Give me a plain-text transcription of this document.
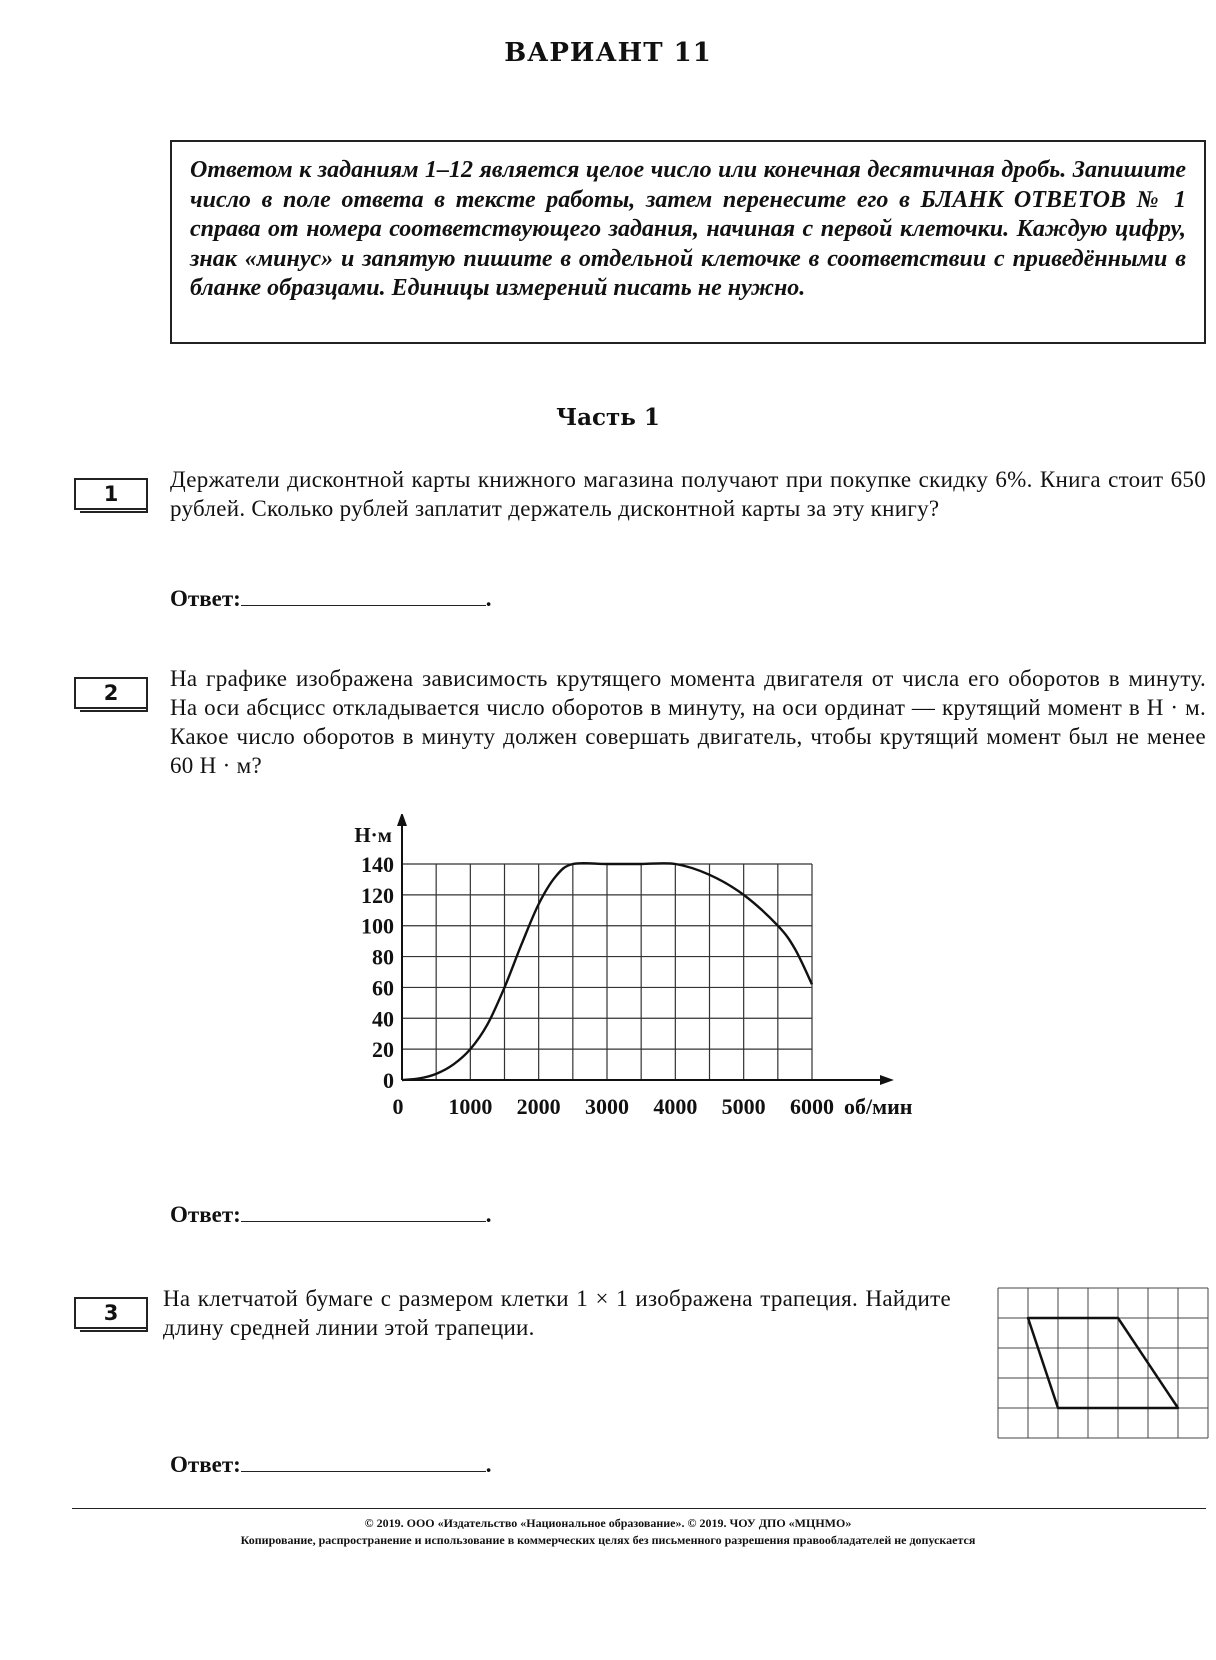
ВАРИАНТ 11
Ответом к заданиям 1–12 является целое число или конечная десятичная дробь. Запишите число в поле ответа в тексте работы, затем перенесите его в БЛАНК ОТВЕТОВ № 1 справа от номера соответствующего задания, начиная с первой клеточки. Каждую цифру, знак «минус» и запятую пишите в отдельной клеточке в соответствии с приведёнными в бланке образцами. Единицы измерений писать не нужно.
Часть 1
1
Держатели дисконтной карты книжного магазина получают при покупке скидку 6%. Книга стоит 650 рублей. Сколько рублей заплатит держатель дисконтной карты за эту книгу?
Ответ:	.
2
На графике изображена зависимость крутящего момента двигателя от числа его оборотов в минуту. На оси абсцисс откладывается число оборотов в минуту, на оси ординат — крутящий момент в Н · м. Какое число оборотов в минуту должен совершать двигатель, чтобы крутящий момент был не менее 60 Н · м?
0
20
40
60
80
100
120
140
0 1000 2000 3000 4000 5000 6000
Н·м
об/мин
Ответ:	.
3
На клетчатой бумаге с размером клетки 1 × 1 изображена трапеция. Найдите длину средней линии этой трапеции.
Ответ:	.
© 2019. ООО «Издательство «Национальное образование». © 2019. ЧОУ ДПО «МЦНМО»
Копирование, распространение и использование в коммерческих целях без письменного разрешения правообладателей не допускается
